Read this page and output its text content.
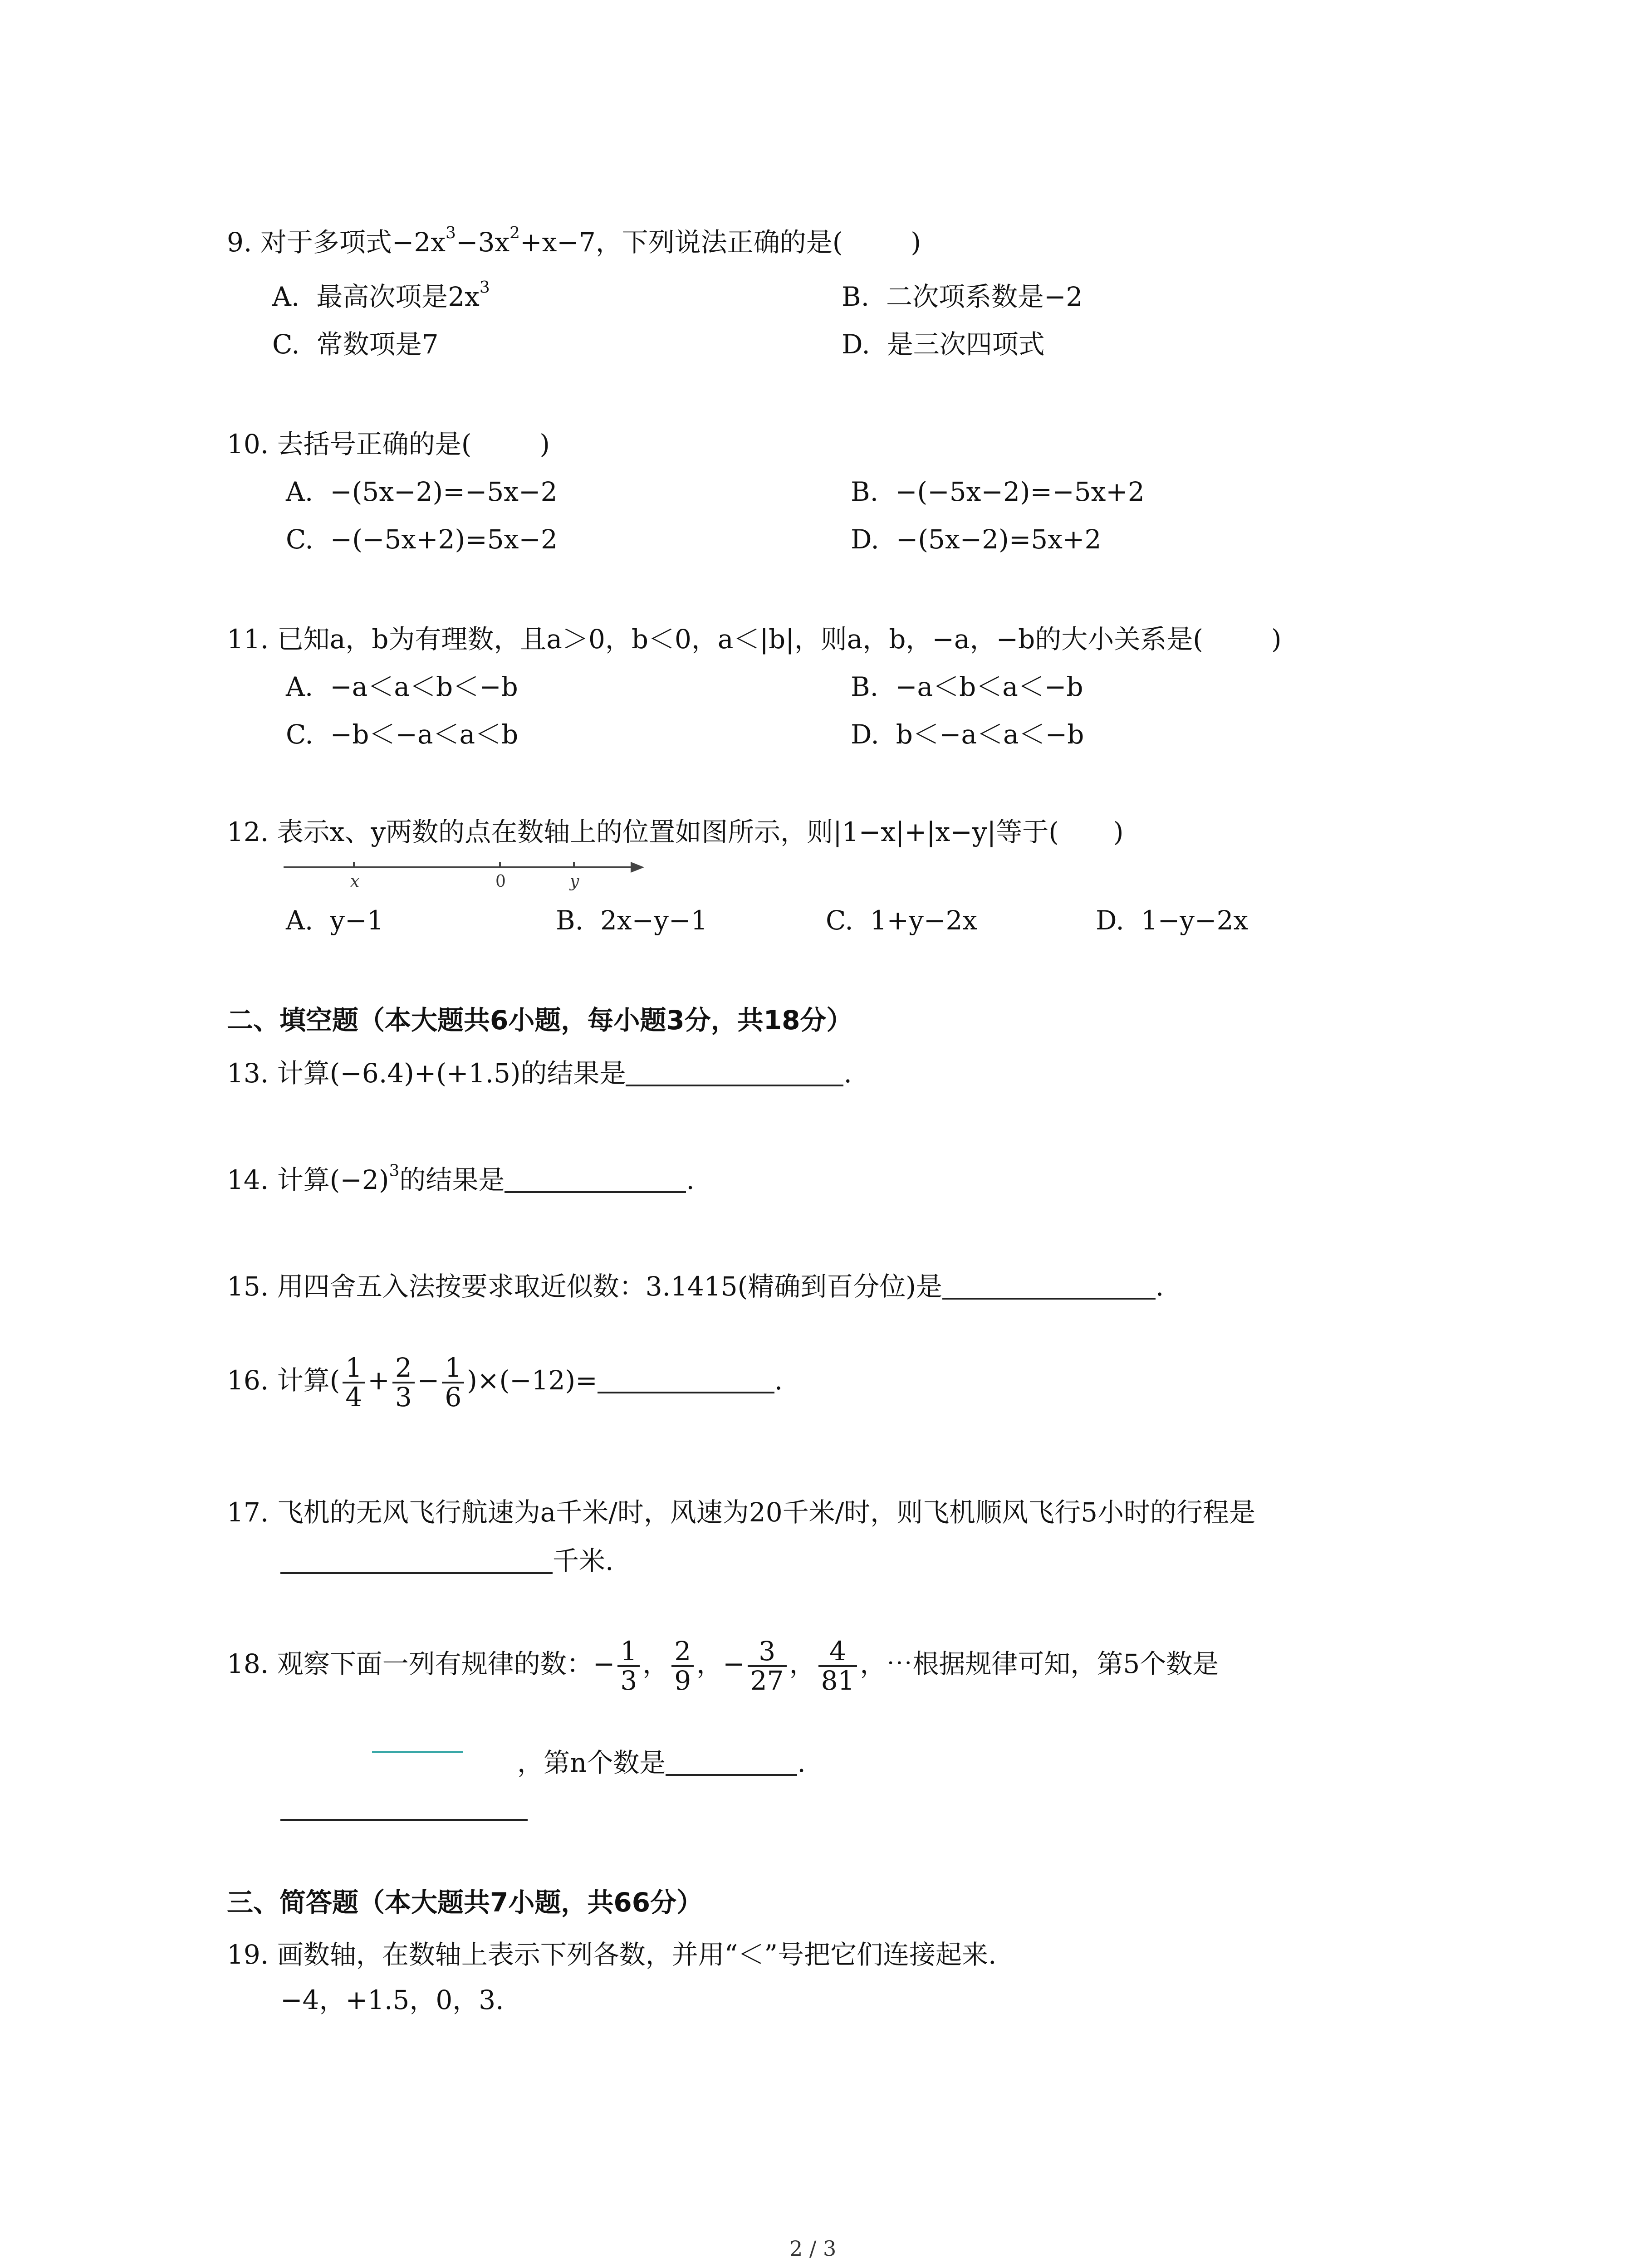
9. 对于多项式$-2x^3-3x^2+x-7$，下列说法正确的是(	)
A. 最高次项是$2x^3$	B. 二次项系数是−2
C. 常数项是7	D. 是三次四项式
10. 去括号正确的是(	)
A. −(5x−2)=−5x−2	B. −(−5x−2)=−5x+2
C. −(−5x+2)=5x−2	D. −(5x−2)=5x+2
11. 已知a，b为有理数，且a＞0，b＜0，a＜|b|，则a，b，−a，−b的大小关系是(	)
A. −a＜a＜b＜−b	B. −a＜b＜a＜−b
C. −b＜−a＜a＜b	D. b＜−a＜a＜−b
12. 表示x、y两数的点在数轴上的位置如图所示，则|1−x|+|x−y|等于( )
x	0	y
A. y−1	B. 2x−y−1	C. 1+y−2x	D. 1−y−2x
二、填空题（本大题共6小题，每小题3分，共18分）
13. 计算(−6.4)+(+1.5)的结果是	.
14. 计算$(-2)^3$的结果是	.
15. 用四舍五入法按要求取近似数：3.1415(精确到百分位)是	.
16. 计算( $\frac{1}{4} + \frac{2}{3} - \frac{1}{6} )\times(-12)=$	.
17. 飞机的无风飞行航速为a千米/时，风速为20千米/时，则飞机顺风飞行5小时的行程是
千米.
18. 观察下面一列有规律的数：− $\frac{1}{3}$ ， $\frac{2}{9}$ ，− $\frac{3}{27}$ ， $\frac{4}{81}$ ，⋯根据规律可知，第5个数是
，第n个数是	.
三、简答题（本大题共7小题，共66分）
19. 画数轴，在数轴上表示下列各数，并用“＜”号把它们连接起来.
−4，+1.5，0，3.
2 / 3
